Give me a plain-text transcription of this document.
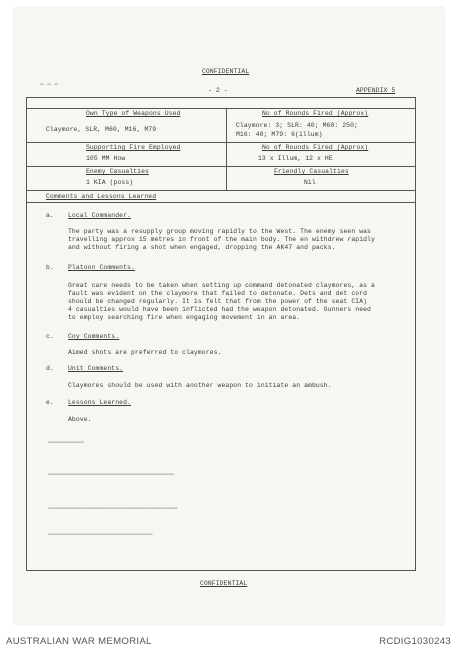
▬ ▬ ▬
▬▬▬▬▬▬▬▬▬▬
▬▬▬▬▬▬▬▬▬▬▬▬▬▬▬▬▬▬▬▬▬▬▬▬▬▬▬▬▬▬▬▬▬▬▬
▬▬▬▬▬▬▬▬▬▬▬▬▬▬▬▬▬▬▬▬▬▬▬▬▬▬▬▬▬▬▬▬▬▬▬▬
▬▬▬▬▬▬▬▬▬▬▬▬▬▬▬▬▬▬▬▬▬▬▬▬▬▬▬▬▬
CONFIDENTIAL
- 2 -	APPENDIX 5
Own Type of Weapons Used
Claymore, SLR, M60, M16, M79
No of Rounds Fired (Approx)
Claymore: 3; SLR: 40; M60: 250;
M16: 40; M79: 6(illum)
Supporting Fire Employed
105 MM How
No of Rounds Fired (Approx)
13 x Illum, 12 x HE
Enemy Casualties
1 KIA (poss)
Friendly Casualties
Nil
Comments and Lessons Learned
a. Local Commander.
The party was a resupply group moving rapidly to the West. The enemy seen was
travelling approx 15 metres in front of the main body. The en withdrew rapidly
and without firing a shot when engaged, dropping the AK47 and packs.
b. Platoon Comments.
Great care needs to be taken when setting up command detonated claymores, as a
fault was evident on the claymore that failed to detonate. Dets and det cord
should be changed regularly. It is felt that from the power of the seat CIA)
4 casualties would have been inflicted had the weapon detonated. Gunners need
to employ searching fire when engaging movement in an area.
c. Coy Comments.
Aimed shots are preferred to claymores.
d. Unit Comments.
Claymores should be used with another weapon to initiate an ambush.
e. Lessons Learned.
Above.
CONFIDENTIAL
AUSTRALIAN WAR MEMORIAL	RCDIG1030243
